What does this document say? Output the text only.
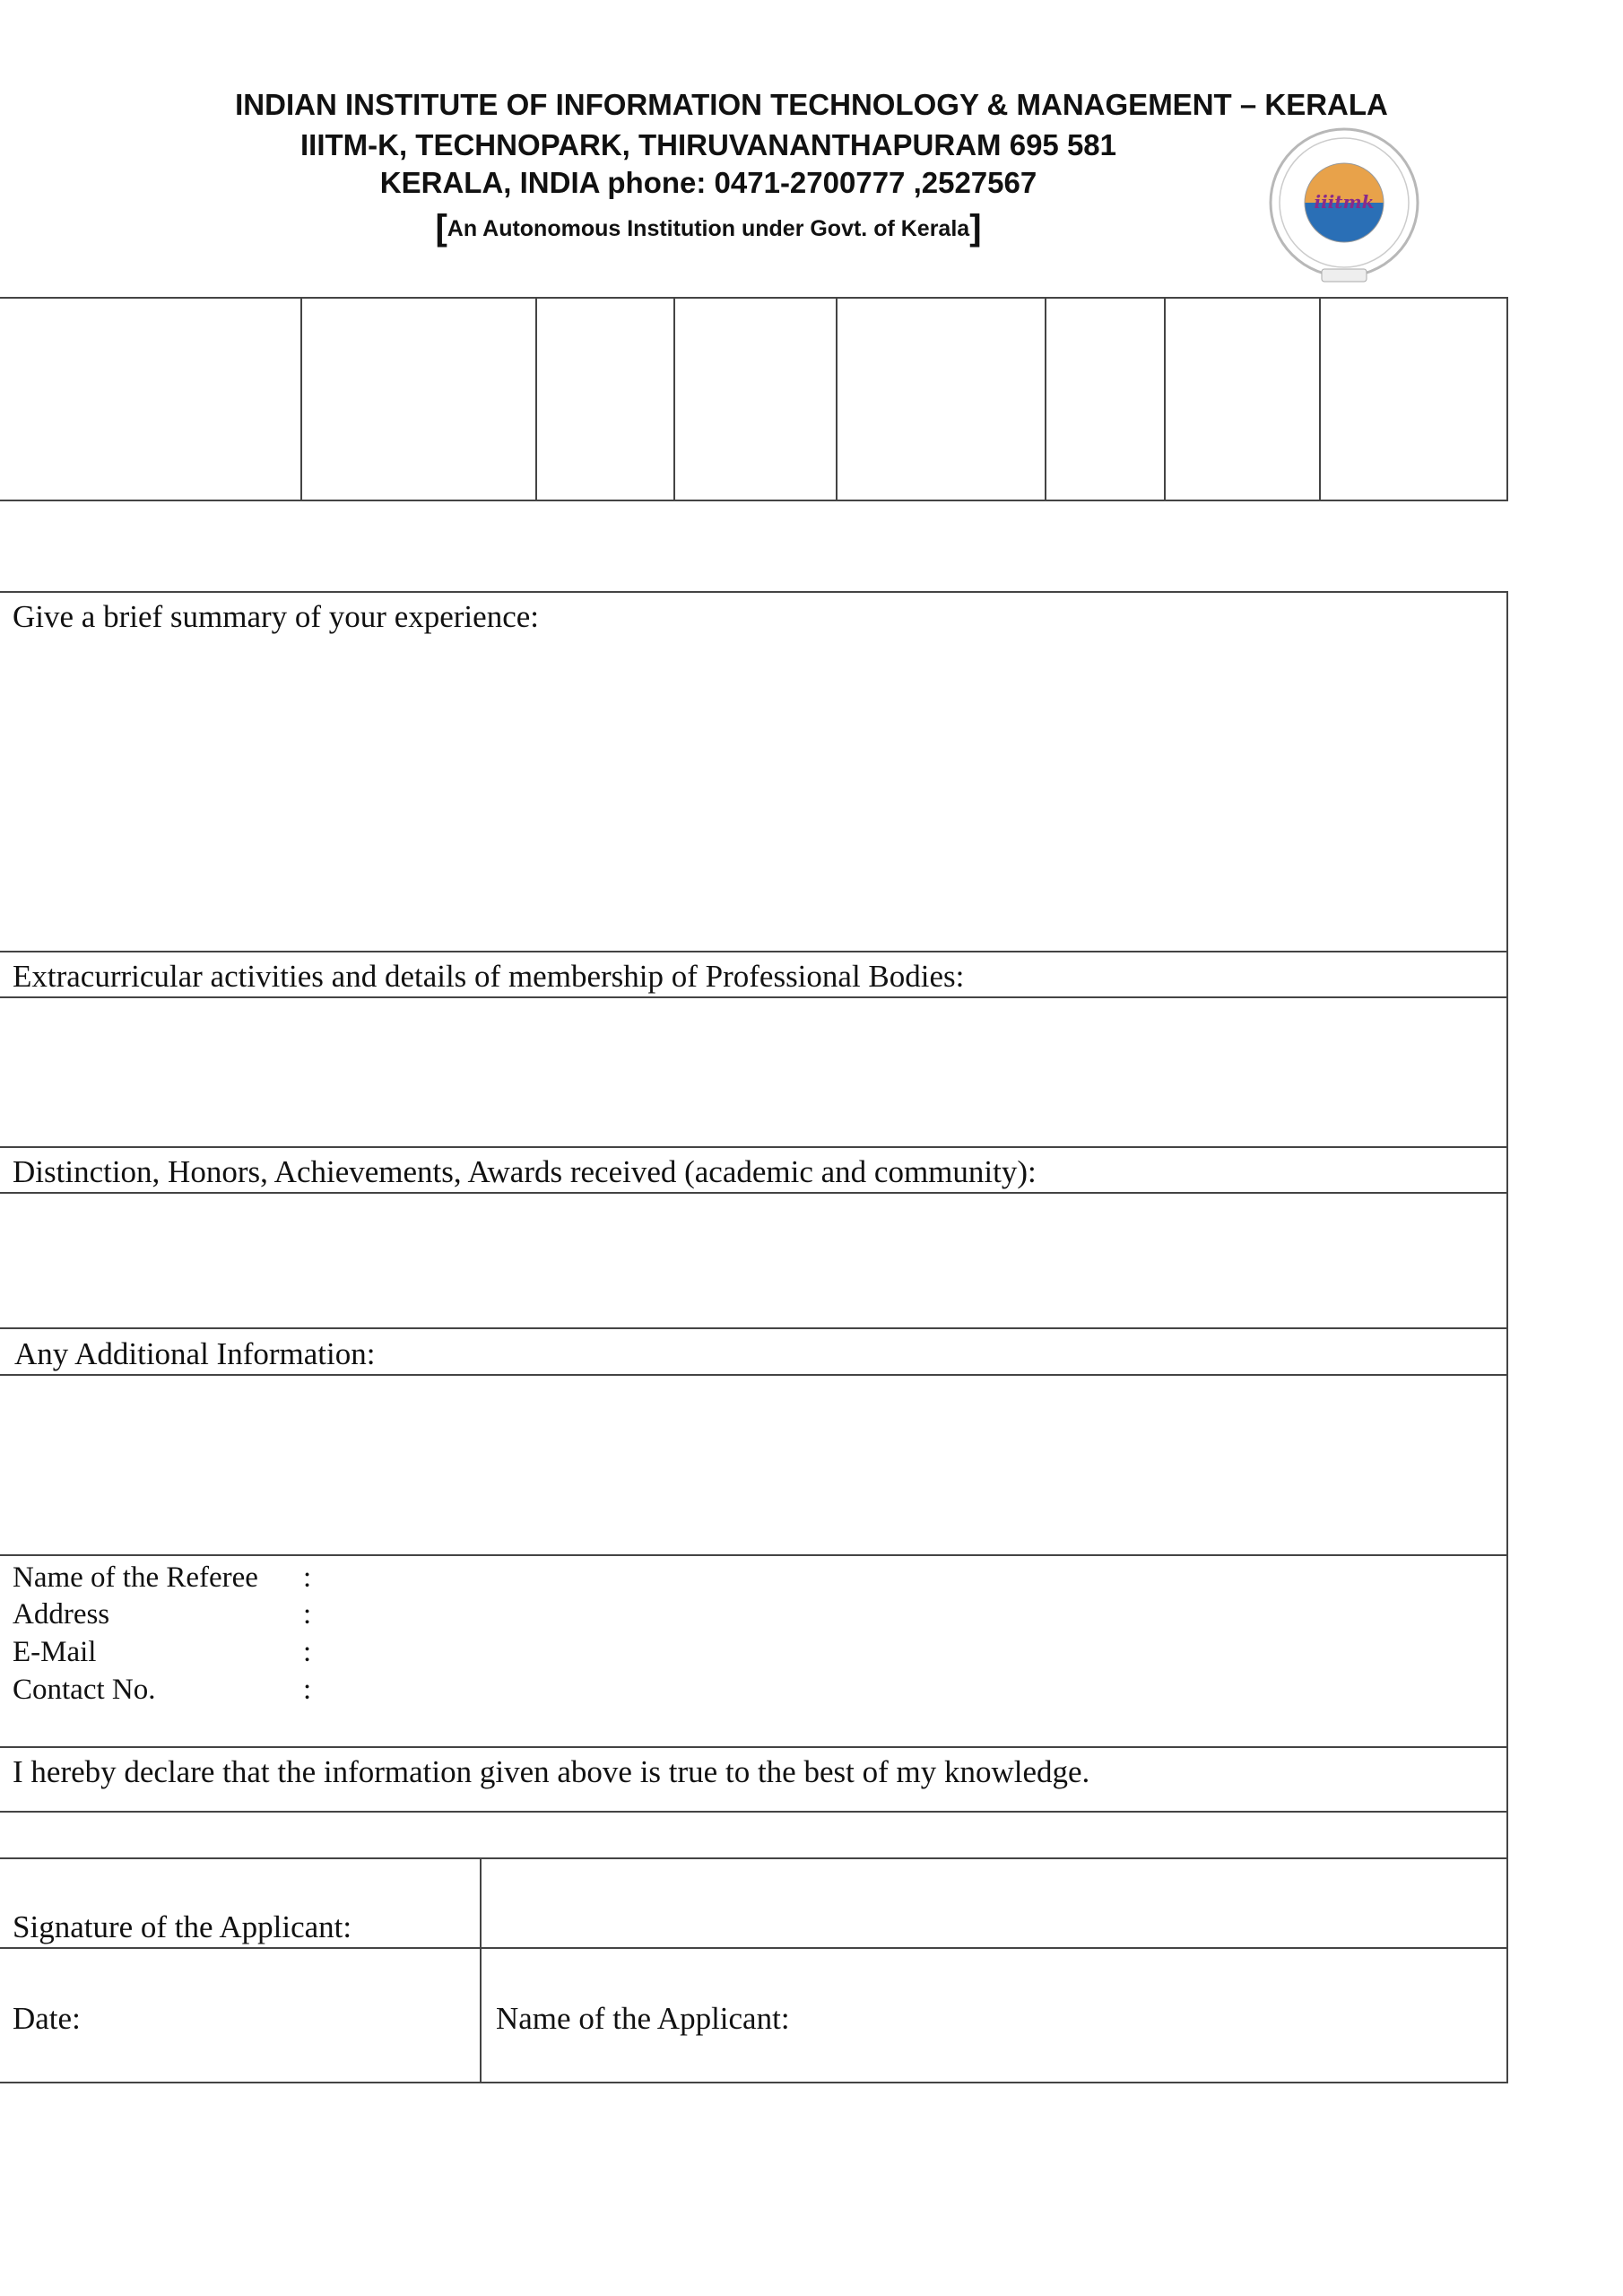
INDIAN INSTITUTE OF INFORMATION TECHNOLOGY & MANAGEMENT – KERALA
IIITM-K, TECHNOPARK, THIRUVANANTHAPURAM 695 581
KERALA, INDIA phone: 0471-2700777 ,2527567
[An Autonomous Institution under Govt. of Kerala]
iiitmk
Give a brief summary of your experience:
Extracurricular activities and details of membership of Professional Bodies:
Distinction, Honors, Achievements, Awards received (academic and community):
Any Additional Information:
Name of the Referee :
Address	:
E-Mail	:
Contact No.	:
I hereby declare that the information given above is true to the best of my knowledge.
Signature of the Applicant:
Date:	Name of the Applicant:
